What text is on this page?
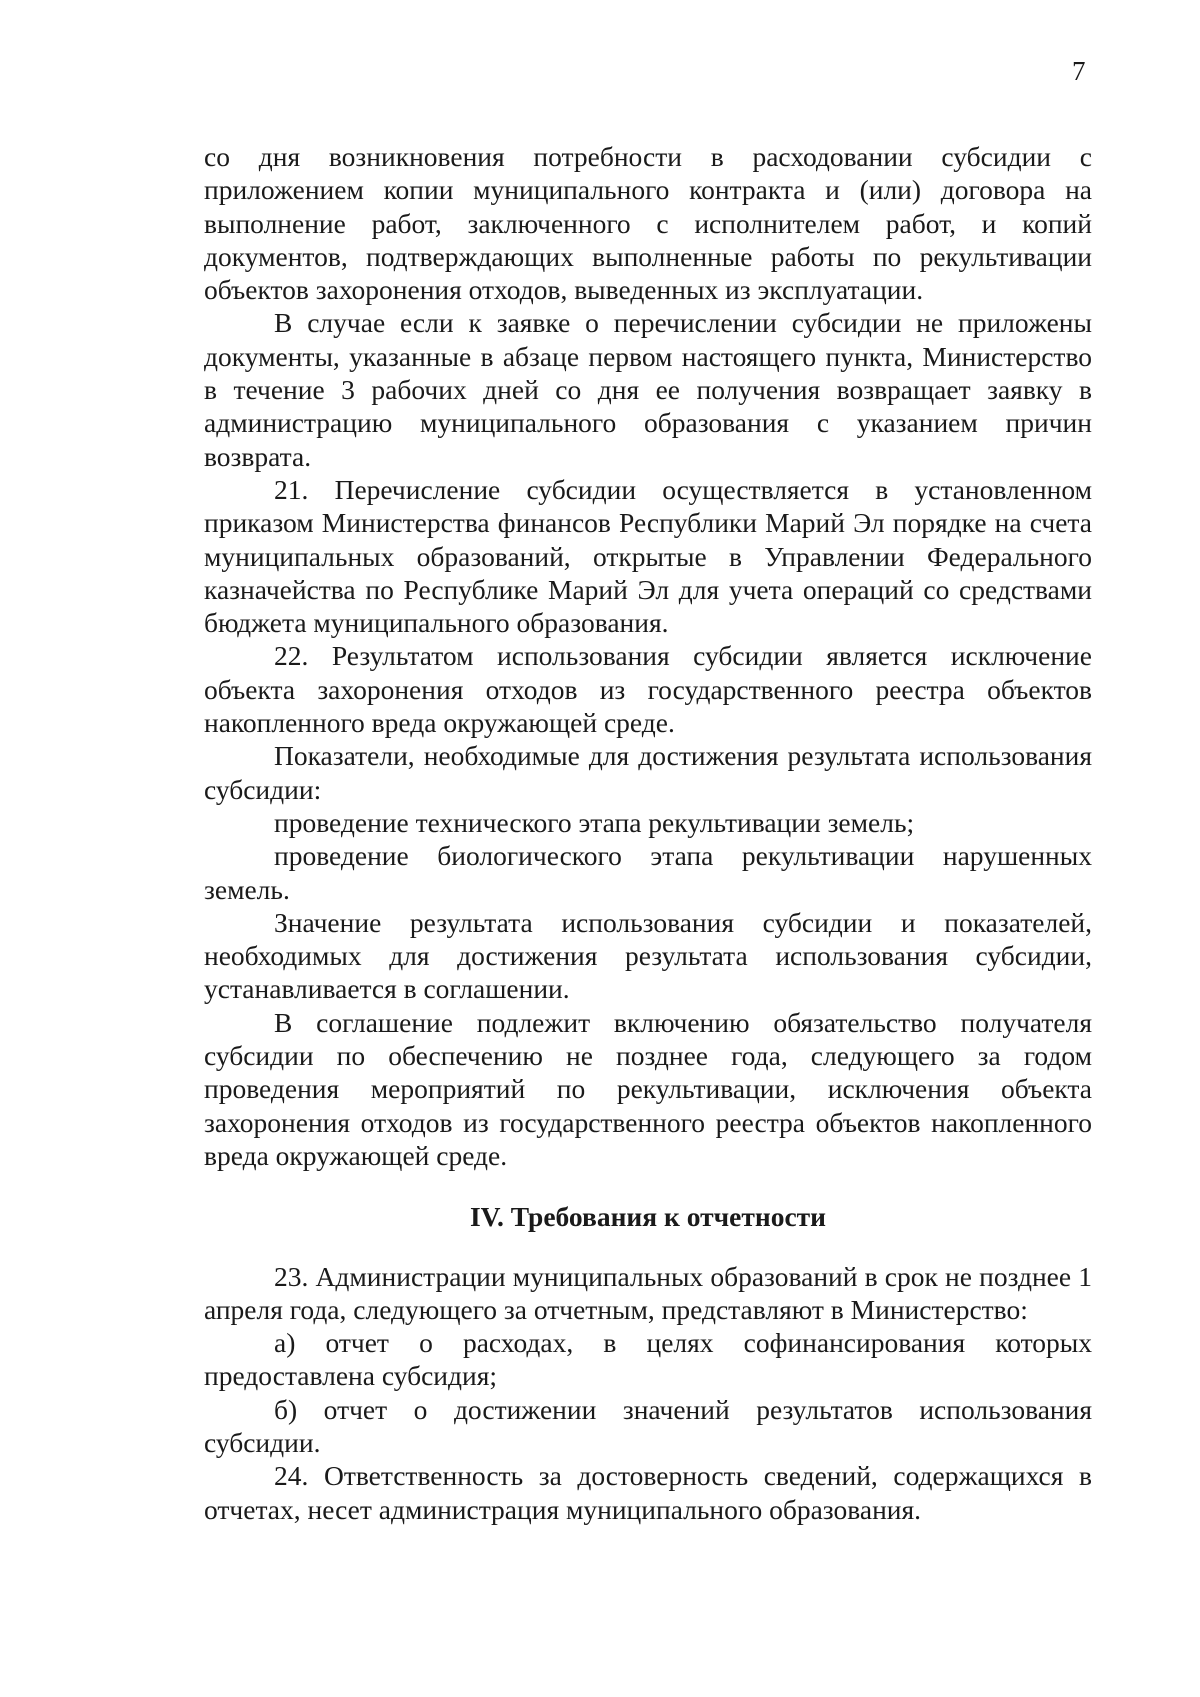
7

со дня возникновения потребности в расходовании субсидии с приложением копии муниципального контракта и (или) договора на выполнение работ, заключенного с исполнителем работ, и копий документов, подтверждающих выполненные работы по рекультивации объектов захоронения отходов, выведенных из эксплуатации.

В случае если к заявке о перечислении субсидии не приложены документы, указанные в абзаце первом настоящего пункта, Министерство в течение 3 рабочих дней со дня ее получения возвращает заявку в администрацию муниципального образования с указанием причин возврата.

21. Перечисление субсидии осуществляется в установленном приказом Министерства финансов Республики Марий Эл порядке на счета муниципальных образований, открытые в Управлении Федерального казначейства по Республике Марий Эл для учета операций со средствами бюджета муниципального образования.

22. Результатом использования субсидии является исключение объекта захоронения отходов из государственного реестра объектов накопленного вреда окружающей среде.

Показатели, необходимые для достижения результата использования субсидии:

проведение технического этапа рекультивации земель;

проведение биологического этапа рекультивации нарушенных земель.

Значение результата использования субсидии и показателей, необходимых для достижения результата использования субсидии, устанавливается в соглашении.

В соглашение подлежит включению обязательство получателя субсидии по обеспечению не позднее года, следующего за годом проведения мероприятий по рекультивации, исключения объекта захоронения отходов из государственного реестра объектов накопленного вреда окружающей среде.

IV. Требования к отчетности

23. Администрации муниципальных образований в срок не позднее 1 апреля года, следующего за отчетным, представляют в Министерство:

а) отчет о расходах, в целях софинансирования которых предоставлена субсидия;

б) отчет о достижении значений результатов использования субсидии.

24. Ответственность за достоверность сведений, содержащихся в отчетах, несет администрация муниципального образования.
